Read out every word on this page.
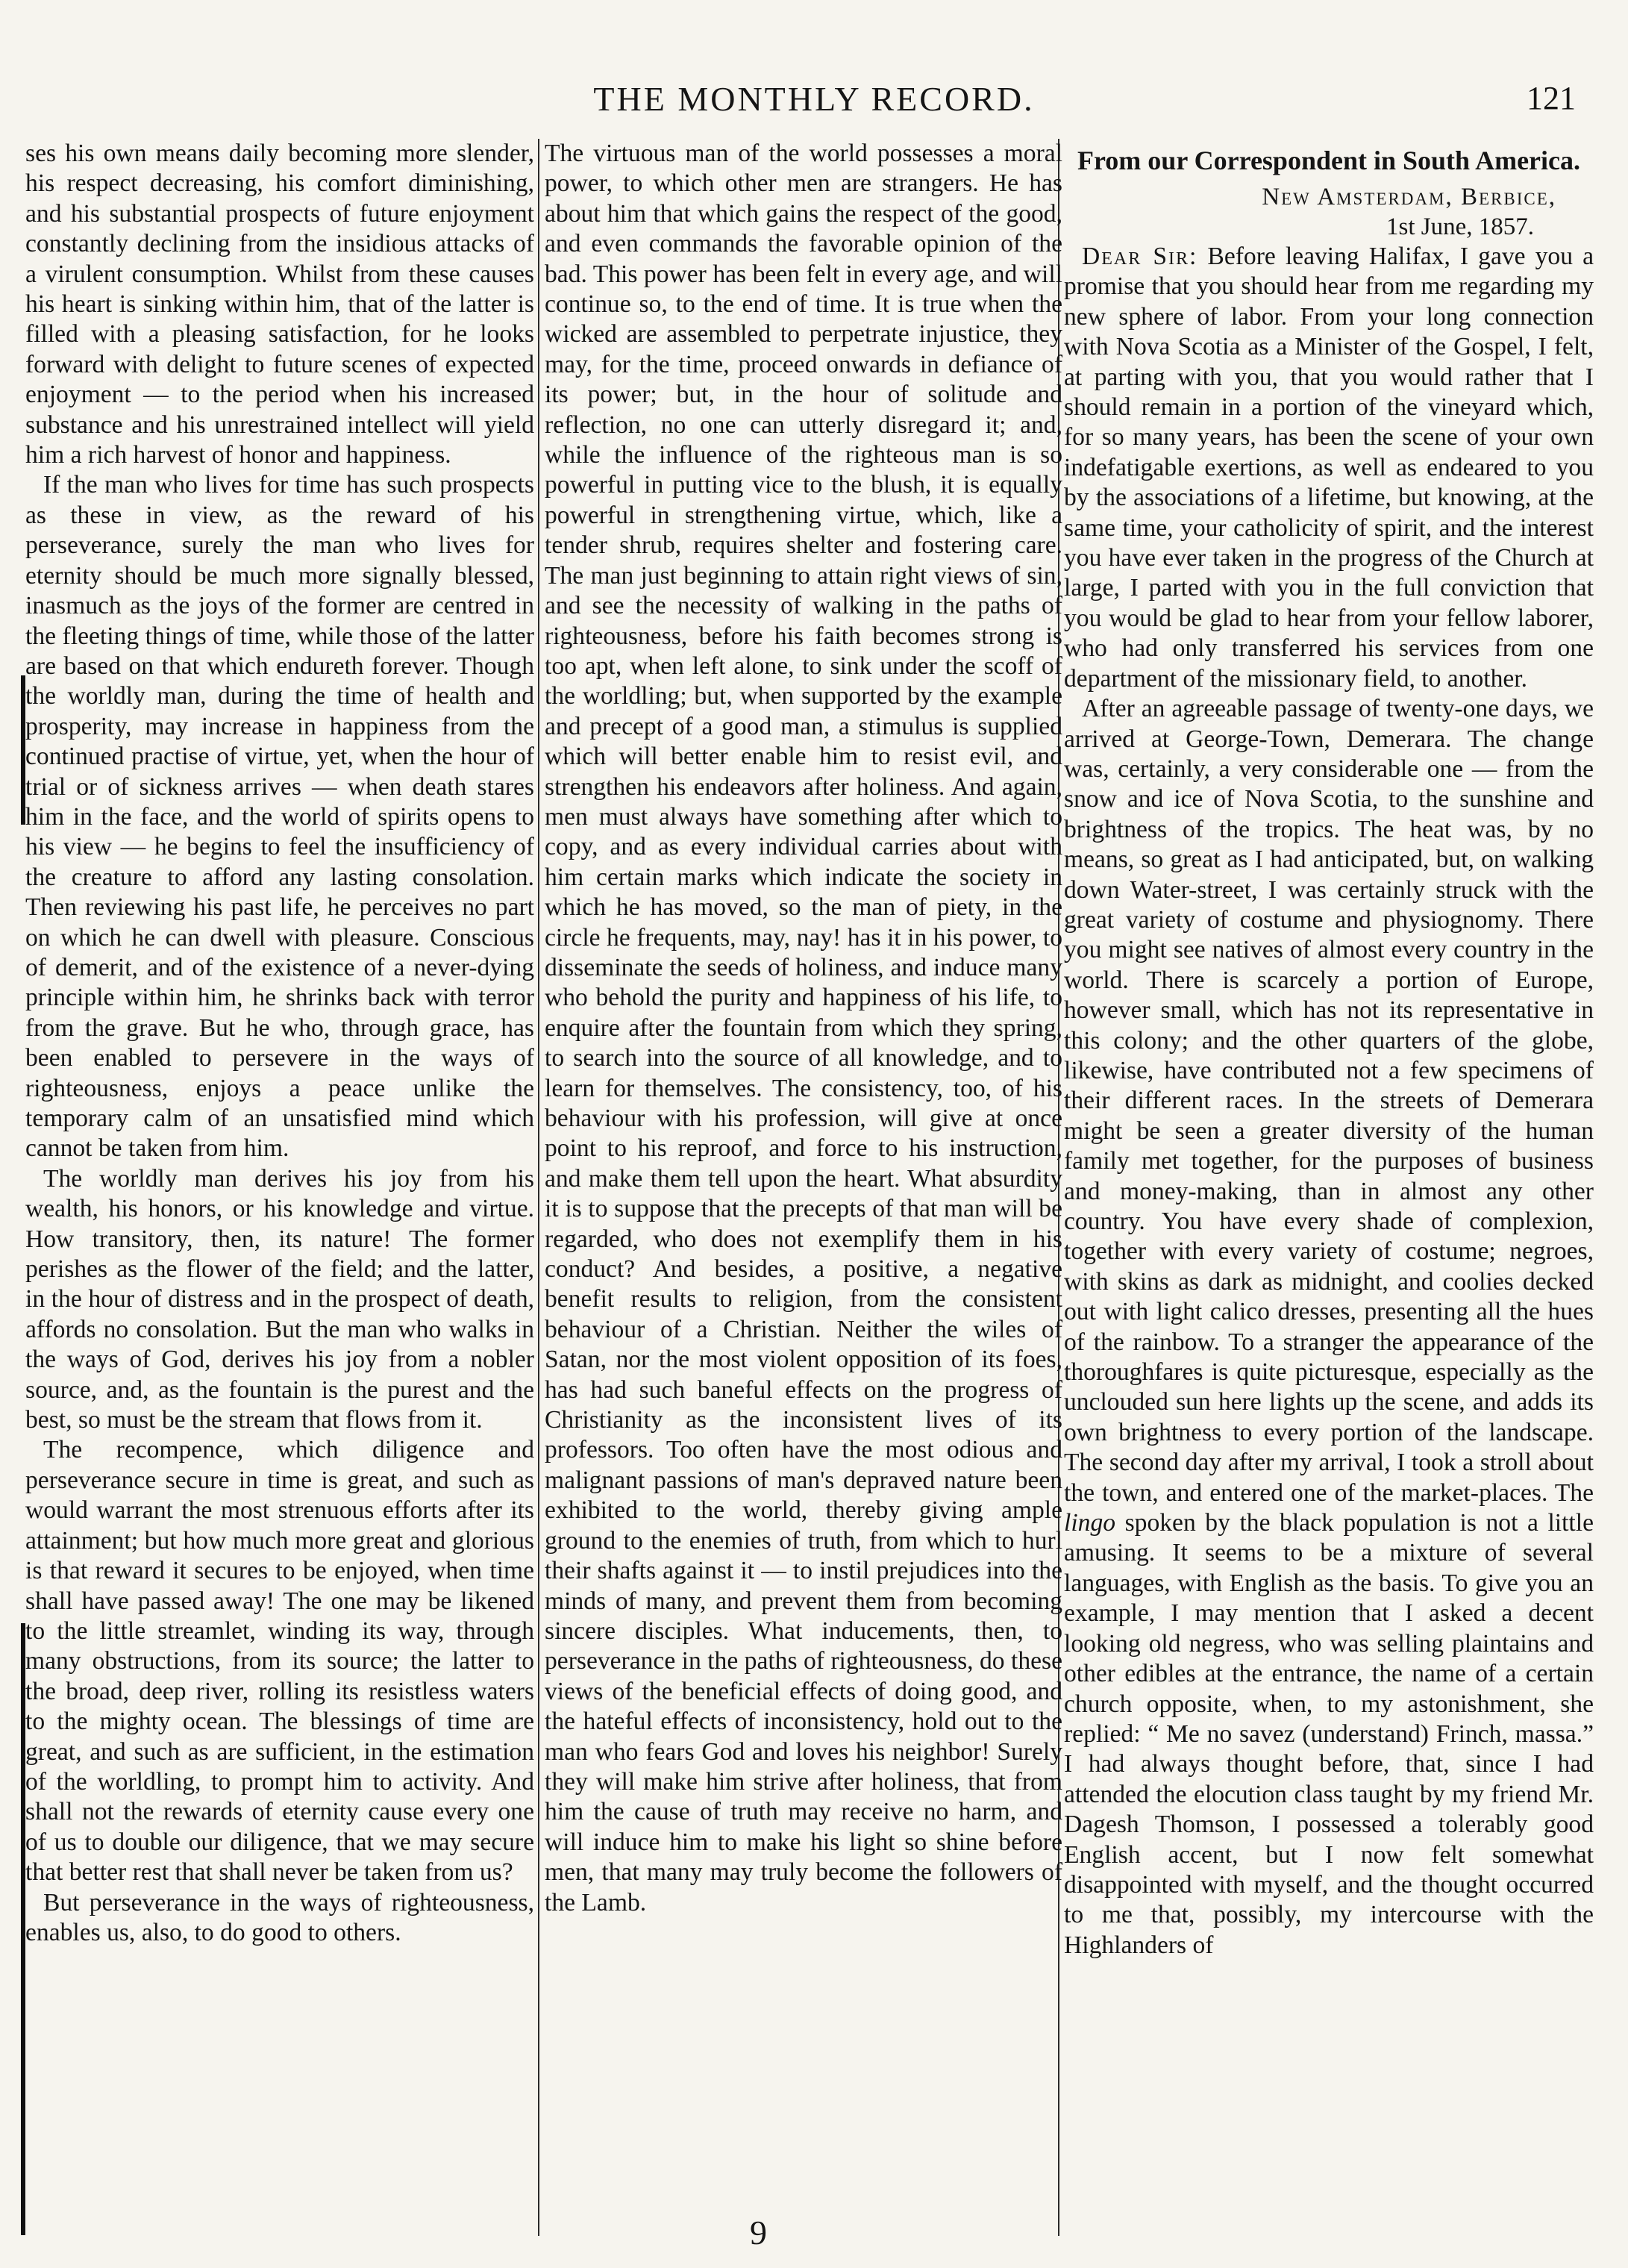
THE MONTHLY RECORD.	121

ses his own means daily becoming more slender, his respect decreasing, his comfort diminishing, and his substantial prospects of future enjoyment constantly declining from the insidious attacks of a virulent consumption. Whilst from these causes his heart is sinking within him, that of the latter is filled with a pleasing satisfaction, for he looks forward with delight to future scenes of expected enjoyment — to the period when his increased substance and his unrestrained intellect will yield him a rich harvest of honor and happiness.

If the man who lives for time has such prospects as these in view, as the reward of his perseverance, surely the man who lives for eternity should be much more signally blessed, inasmuch as the joys of the former are centred in the fleeting things of time, while those of the latter are based on that which endureth forever. Though the worldly man, during the time of health and prosperity, may increase in happiness from the continued practise of virtue, yet, when the hour of trial or of sickness arrives — when death stares him in the face, and the world of spirits opens to his view — he begins to feel the insufficiency of the creature to afford any lasting consolation. Then reviewing his past life, he perceives no part on which he can dwell with pleasure. Conscious of demerit, and of the existence of a never-dying principle within him, he shrinks back with terror from the grave. But he who, through grace, has been enabled to persevere in the ways of righteousness, enjoys a peace unlike the temporary calm of an unsatisfied mind which cannot be taken from him.

The worldly man derives his joy from his wealth, his honors, or his knowledge and virtue. How transitory, then, its nature! The former perishes as the flower of the field; and the latter, in the hour of distress and in the prospect of death, affords no consolation. But the man who walks in the ways of God, derives his joy from a nobler source, and, as the fountain is the purest and the best, so must be the stream that flows from it.

The recompence, which diligence and perseverance secure in time is great, and such as would warrant the most strenuous efforts after its attainment; but how much more great and glorious is that reward it secures to be enjoyed, when time shall have passed away! The one may be likened to the little streamlet, winding its way, through many obstructions, from its source; the latter to the broad, deep river, rolling its resistless waters to the mighty ocean. The blessings of time are great, and such as are sufficient, in the estimation of the worldling, to prompt him to activity. And shall not the rewards of eternity cause every one of us to double our diligence, that we may secure that better rest that shall never be taken from us?

But perseverance in the ways of righteousness, enables us, also, to do good to others.

The virtuous man of the world possesses a moral power, to which other men are strangers. He has about him that which gains the respect of the good, and even commands the favorable opinion of the bad. This power has been felt in every age, and will continue so, to the end of time. It is true when the wicked are assembled to perpetrate injustice, they may, for the time, proceed onwards in defiance of its power; but, in the hour of solitude and reflection, no one can utterly disregard it; and, while the influence of the righteous man is so powerful in putting vice to the blush, it is equally powerful in strengthening virtue, which, like a tender shrub, requires shelter and fostering care. The man just beginning to attain right views of sin, and see the necessity of walking in the paths of righteousness, before his faith becomes strong is too apt, when left alone, to sink under the scoff of the worldling; but, when supported by the example and precept of a good man, a stimulus is supplied which will better enable him to resist evil, and strengthen his endeavors after holiness. And again, men must always have something after which to copy, and as every individual carries about with him certain marks which indicate the society in which he has moved, so the man of piety, in the circle he frequents, may, nay! has it in his power, to disseminate the seeds of holiness, and induce many who behold the purity and happiness of his life, to enquire after the fountain from which they spring, to search into the source of all knowledge, and to learn for themselves. The consistency, too, of his behaviour with his profession, will give at once point to his reproof, and force to his instruction, and make them tell upon the heart. What absurdity it is to suppose that the precepts of that man will be regarded, who does not exemplify them in his conduct? And besides, a positive, a negative benefit results to religion, from the consistent behaviour of a Christian. Neither the wiles of Satan, nor the most violent opposition of its foes, has had such baneful effects on the progress of Christianity as the inconsistent lives of its professors. Too often have the most odious and malignant passions of man's depraved nature been exhibited to the world, thereby giving ample ground to the enemies of truth, from which to hurl their shafts against it — to instil prejudices into the minds of many, and prevent them from becoming sincere disciples. What inducements, then, to perseverance in the paths of righteousness, do these views of the beneficial effects of doing good, and the hateful effects of inconsistency, hold out to the man who fears God and loves his neighbor! Surely they will make him strive after holiness, that from him the cause of truth may receive no harm, and will induce him to make his light so shine before men, that many may truly become the followers of the Lamb.

From our Correspondent in South America.

New Amsterdam, Berbice,

1st June, 1857.

Dear Sir: Before leaving Halifax, I gave you a promise that you should hear from me regarding my new sphere of labor. From your long connection with Nova Scotia as a Minister of the Gospel, I felt, at parting with you, that you would rather that I should remain in a portion of the vineyard which, for so many years, has been the scene of your own indefatigable exertions, as well as endeared to you by the associations of a lifetime, but knowing, at the same time, your catholicity of spirit, and the interest you have ever taken in the progress of the Church at large, I parted with you in the full conviction that you would be glad to hear from your fellow laborer, who had only transferred his services from one department of the missionary field, to another.

After an agreeable passage of twenty-one days, we arrived at George-Town, Demerara. The change was, certainly, a very considerable one — from the snow and ice of Nova Scotia, to the sunshine and brightness of the tropics. The heat was, by no means, so great as I had anticipated, but, on walking down Water-street, I was certainly struck with the great variety of costume and physiognomy. There you might see natives of almost every country in the world. There is scarcely a portion of Europe, however small, which has not its representative in this colony; and the other quarters of the globe, likewise, have contributed not a few specimens of their different races. In the streets of Demerara might be seen a greater diversity of the human family met together, for the purposes of business and money-making, than in almost any other country. You have every shade of complexion, together with every variety of costume; negroes, with skins as dark as midnight, and coolies decked out with light calico dresses, presenting all the hues of the rainbow. To a stranger the appearance of the thoroughfares is quite picturesque, especially as the unclouded sun here lights up the scene, and adds its own brightness to every portion of the landscape. The second day after my arrival, I took a stroll about the town, and entered one of the market-places. The lingo spoken by the black population is not a little amusing. It seems to be a mixture of several languages, with English as the basis. To give you an example, I may mention that I asked a decent looking old negress, who was selling plaintains and other edibles at the entrance, the name of a certain church opposite, when, to my astonishment, she replied: “ Me no savez (understand) Frinch, massa.” I had always thought before, that, since I had attended the elocution class taught by my friend Mr. Dagesh Thomson, I possessed a tolerably good English accent, but I now felt somewhat disappointed with myself, and the thought occurred to me that, possibly, my intercourse with the Highlanders of

9
